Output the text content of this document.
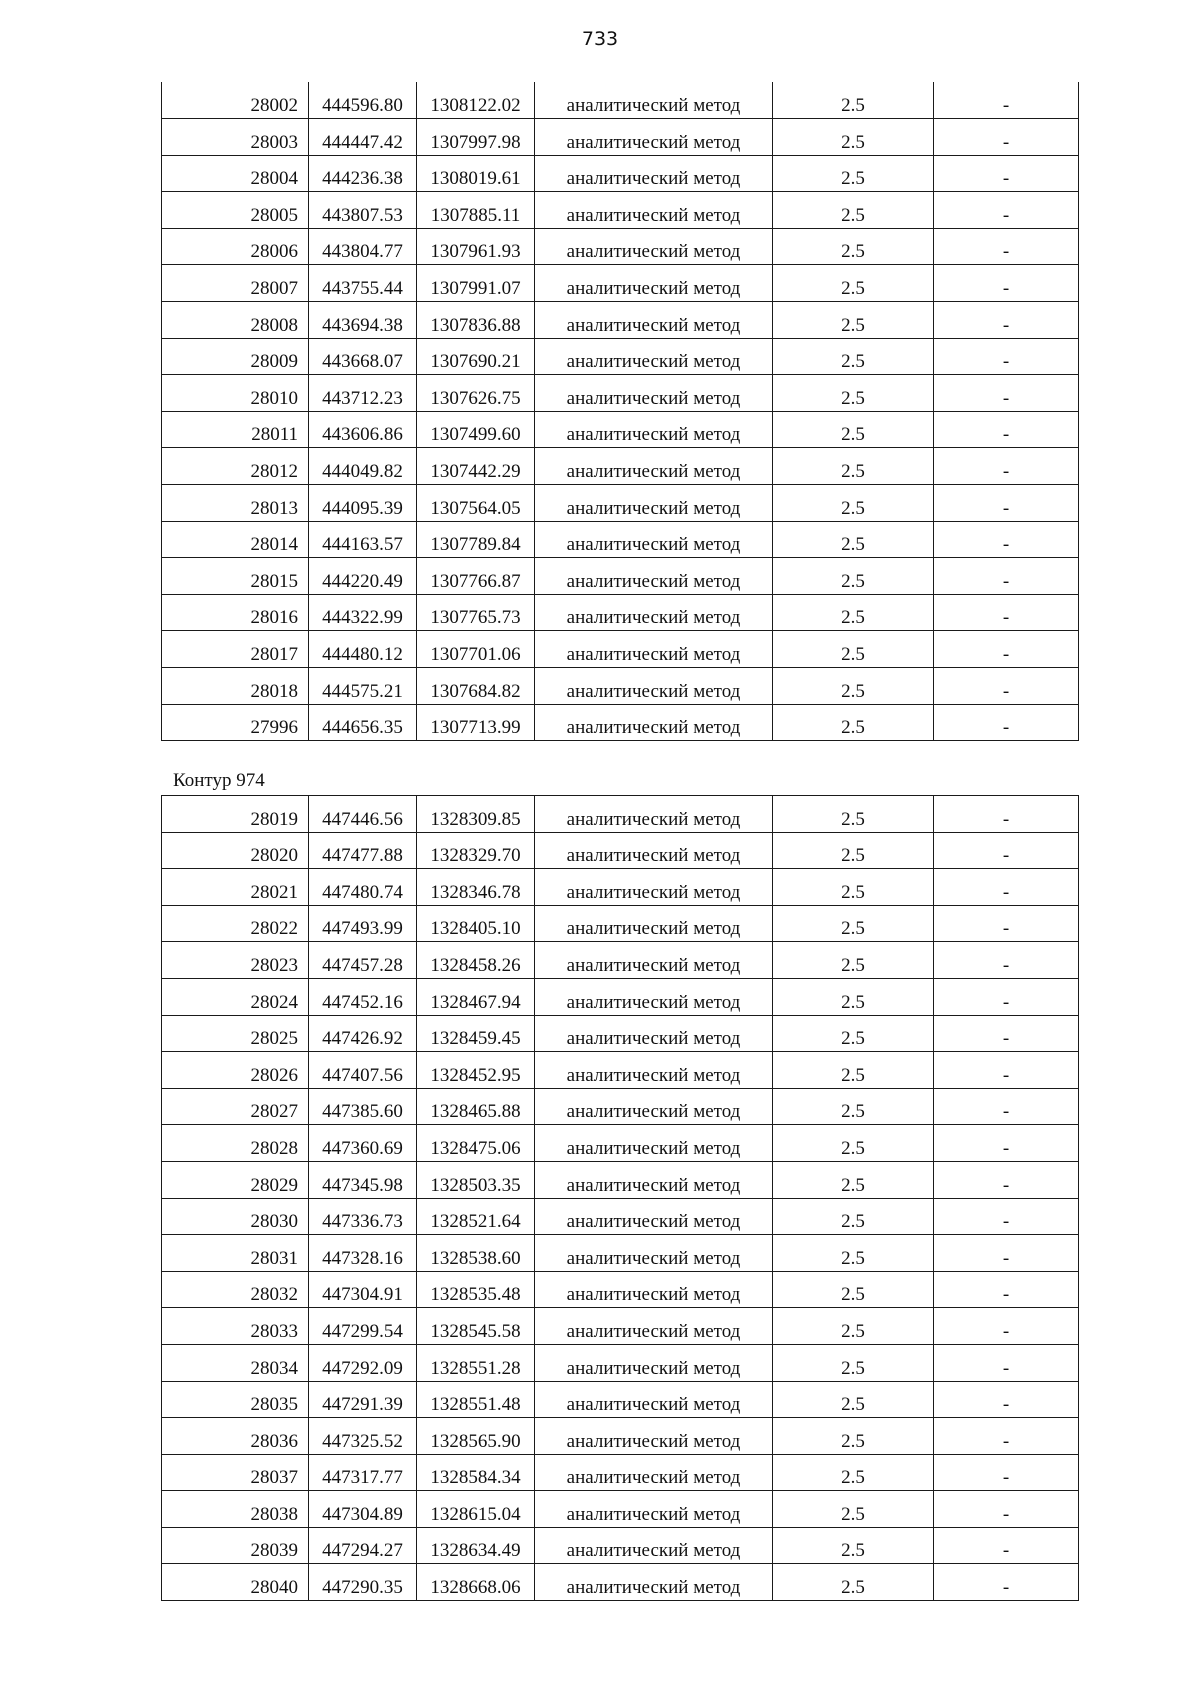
733
28002	444596.80	1308122.02	аналитический метод	2.5	-
28003	444447.42	1307997.98	аналитический метод	2.5	-
28004	444236.38	1308019.61	аналитический метод	2.5	-
28005	443807.53	1307885.11	аналитический метод	2.5	-
28006	443804.77	1307961.93	аналитический метод	2.5	-
28007	443755.44	1307991.07	аналитический метод	2.5	-
28008	443694.38	1307836.88	аналитический метод	2.5	-
28009	443668.07	1307690.21	аналитический метод	2.5	-
28010	443712.23	1307626.75	аналитический метод	2.5	-
28011	443606.86	1307499.60	аналитический метод	2.5	-
28012	444049.82	1307442.29	аналитический метод	2.5	-
28013	444095.39	1307564.05	аналитический метод	2.5	-
28014	444163.57	1307789.84	аналитический метод	2.5	-
28015	444220.49	1307766.87	аналитический метод	2.5	-
28016	444322.99	1307765.73	аналитический метод	2.5	-
28017	444480.12	1307701.06	аналитический метод	2.5	-
28018	444575.21	1307684.82	аналитический метод	2.5	-
27996	444656.35	1307713.99	аналитический метод	2.5	-
Контур 974
28019	447446.56	1328309.85	аналитический метод	2.5	-
28020	447477.88	1328329.70	аналитический метод	2.5	-
28021	447480.74	1328346.78	аналитический метод	2.5	-
28022	447493.99	1328405.10	аналитический метод	2.5	-
28023	447457.28	1328458.26	аналитический метод	2.5	-
28024	447452.16	1328467.94	аналитический метод	2.5	-
28025	447426.92	1328459.45	аналитический метод	2.5	-
28026	447407.56	1328452.95	аналитический метод	2.5	-
28027	447385.60	1328465.88	аналитический метод	2.5	-
28028	447360.69	1328475.06	аналитический метод	2.5	-
28029	447345.98	1328503.35	аналитический метод	2.5	-
28030	447336.73	1328521.64	аналитический метод	2.5	-
28031	447328.16	1328538.60	аналитический метод	2.5	-
28032	447304.91	1328535.48	аналитический метод	2.5	-
28033	447299.54	1328545.58	аналитический метод	2.5	-
28034	447292.09	1328551.28	аналитический метод	2.5	-
28035	447291.39	1328551.48	аналитический метод	2.5	-
28036	447325.52	1328565.90	аналитический метод	2.5	-
28037	447317.77	1328584.34	аналитический метод	2.5	-
28038	447304.89	1328615.04	аналитический метод	2.5	-
28039	447294.27	1328634.49	аналитический метод	2.5	-
28040	447290.35	1328668.06	аналитический метод	2.5	-
